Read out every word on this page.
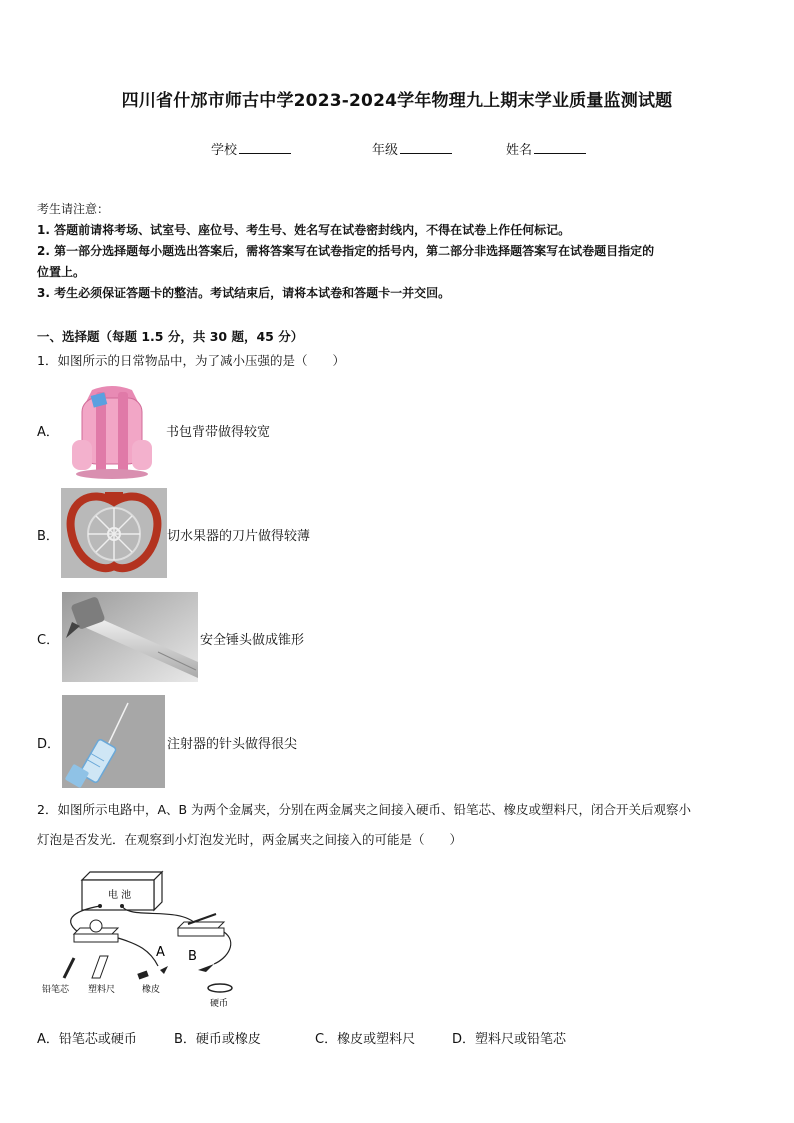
四川省什邡市师古中学2023-2024学年物理九上期末学业质量监测试题
学校	年级	姓名
考生请注意：
1. 答题前请将考场、试室号、座位号、考生号、姓名写在试卷密封线内，不得在试卷上作任何标记。
2. 第一部分选择题每小题选出答案后，需将答案写在试卷指定的括号内，第二部分非选择题答案写在试卷题目指定的
位置上。
3. 考生必须保证答题卡的整洁。考试结束后，请将本试卷和答题卡一并交回。
一、选择题（每题 1.5 分，共 30 题，45 分）
1．如图所示的日常物品中，为了减小压强的是（　　）
A．	书包背带做得较宽
B．	切水果器的刀片做得较薄
C．	安全锤头做成锥形
D．	注射器的针头做得很尖
2．如图所示电路中，A、B 为两个金属夹，分别在两金属夹之间接入硬币、铅笔芯、橡皮或塑料尺，闭合开关后观察小
灯泡是否发光．在观察到小灯泡发光时，两金属夹之间接入的可能是（　　）
电 池
A B
铅笔芯 塑料尺	橡皮
硬币
A．铅笔芯或硬币	B．硬币或橡皮	C．橡皮或塑料尺	D．塑料尺或铅笔芯
